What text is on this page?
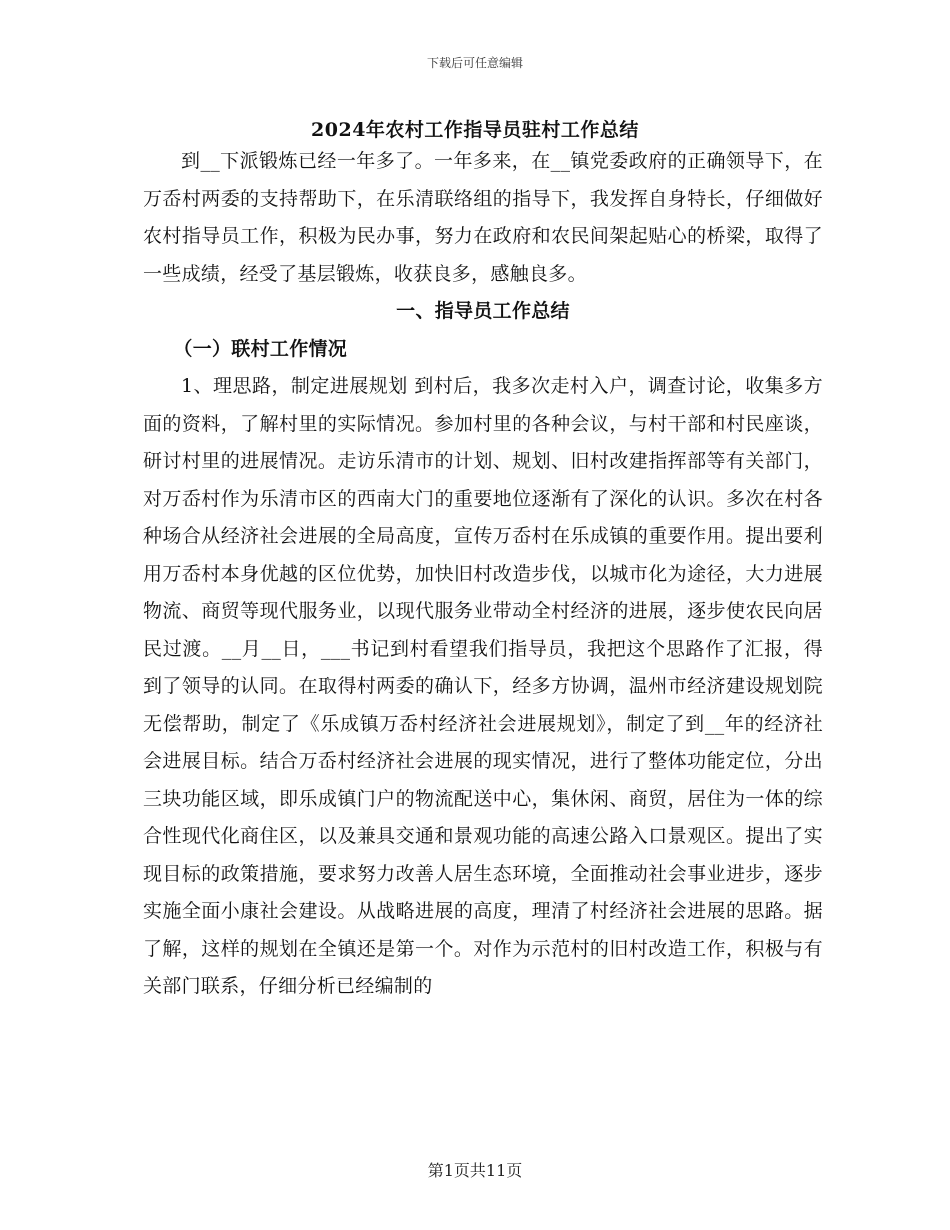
下载后可任意编辑
2024年农村工作指导员驻村工作总结

到__下派锻炼已经一年多了。一年多来，在__镇党委政府的正确领导下，在万岙村两委的支持帮助下，在乐清联络组的指导下，我发挥自身特长，仔细做好农村指导员工作，积极为民办事，努力在政府和农民间架起贴心的桥梁，取得了一些成绩，经受了基层锻炼，收获良多，感触良多。

一、指导员工作总结

（一）联村工作情况

1、理思路，制定进展规划 到村后，我多次走村入户，调查讨论，收集多方面的资料，了解村里的实际情况。参加村里的各种会议，与村干部和村民座谈，研讨村里的进展情况。走访乐清市的计划、规划、旧村改建指挥部等有关部门，对万岙村作为乐清市区的西南大门的重要地位逐渐有了深化的认识。多次在村各种场合从经济社会进展的全局高度，宣传万岙村在乐成镇的重要作用。提出要利用万岙村本身优越的区位优势，加快旧村改造步伐，以城市化为途径，大力进展物流、商贸等现代服务业，以现代服务业带动全村经济的进展，逐步使农民向居民过渡。__月__日，___书记到村看望我们指导员，我把这个思路作了汇报，得到了领导的认同。在取得村两委的确认下，经多方协调，温州市经济建设规划院无偿帮助，制定了《乐成镇万岙村经济社会进展规划》，制定了到__年的经济社会进展目标。结合万岙村经济社会进展的现实情况，进行了整体功能定位，分出三块功能区域，即乐成镇门户的物流配送中心，集休闲、商贸，居住为一体的综合性现代化商住区，以及兼具交通和景观功能的高速公路入口景观区。提出了实现目标的政策措施，要求努力改善人居生态环境，全面推动社会事业进步，逐步实施全面小康社会建设。从战略进展的高度，理清了村经济社会进展的思路。据了解，这样的规划在全镇还是第一个。对作为示范村的旧村改造工作，积极与有关部门联系，仔细分析已经编制的

第1页共11页
